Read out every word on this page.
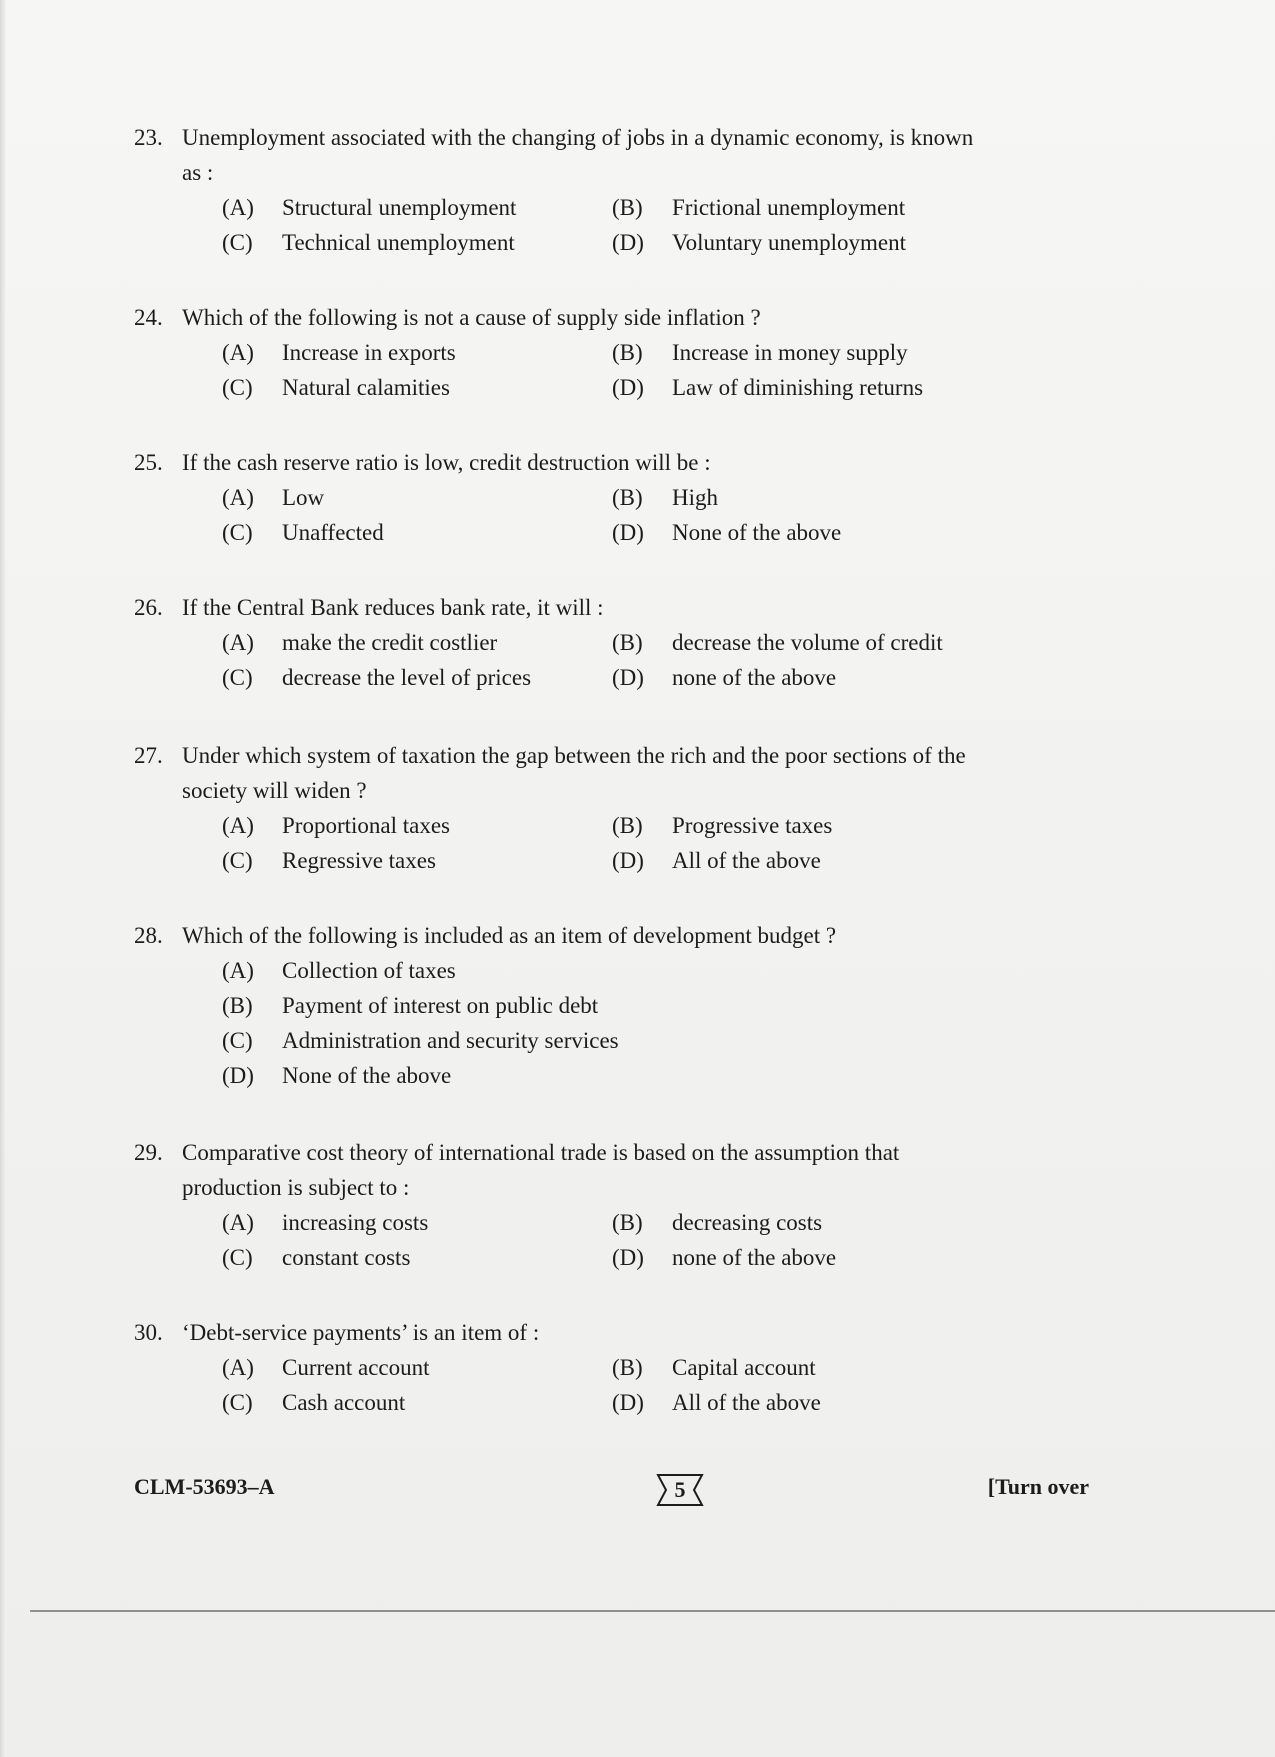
23. Unemployment associated with the changing of jobs in a dynamic economy, is known as :
(A)	Structural unemployment	(B)	Frictional unemployment
(C)	Technical unemployment	(D)	Voluntary unemployment
24. Which of the following is not a cause of supply side inflation ?
(A)	Increase in exports	(B)	Increase in money supply
(C)	Natural calamities	(D)	Law of diminishing returns
25. If the cash reserve ratio is low, credit destruction will be :
(A)	Low	(B)	High
(C)	Unaffected	(D)	None of the above
26. If the Central Bank reduces bank rate, it will :
(A)	make the credit costlier	(B)	decrease the volume of credit
(C)	decrease the level of prices	(D)	none of the above
27. Under which system of taxation the gap between the rich and the poor sections of the society will widen ?
(A)	Proportional taxes	(B)	Progressive taxes
(C)	Regressive taxes	(D)	All of the above
28. Which of the following is included as an item of development budget ?
(A)	Collection of taxes
(B)	Payment of interest on public debt
(C)	Administration and security services
(D)	None of the above
29. Comparative cost theory of international trade is based on the assumption that production is subject to :
(A)	increasing costs	(B)	decreasing costs
(C)	constant costs	(D)	none of the above
30. ‘Debt-service payments’ is an item of :
(A)	Current account	(B)	Capital account
(C)	Cash account	(D)	All of the above
CLM-53693–A	5	[Turn over
